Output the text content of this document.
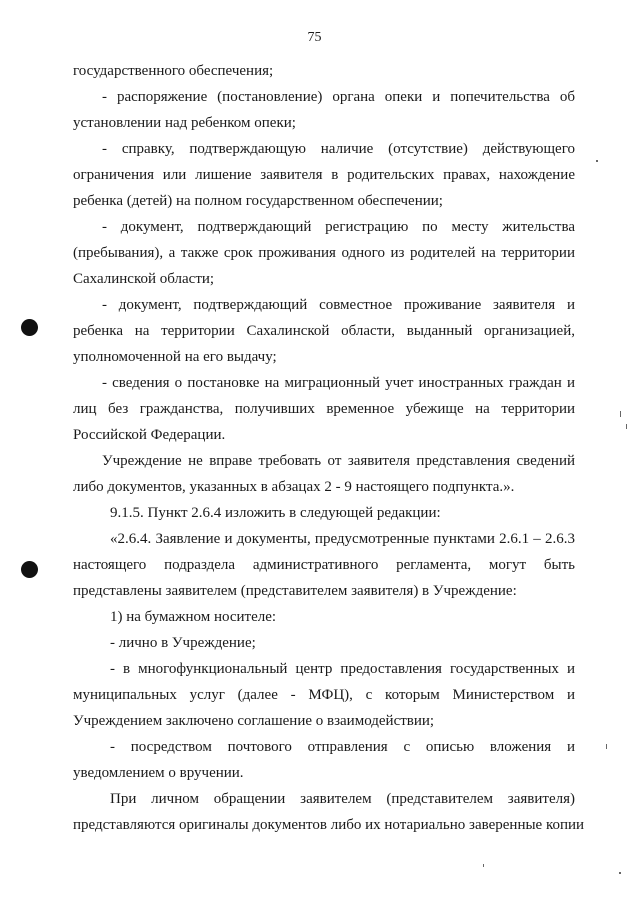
75
государственного обеспечения;
- распоряжение (постановление) органа опеки и попечительства об
установлении над ребенком опеки;
- справку, подтверждающую наличие (отсутствие) действующего
ограничения или лишение заявителя в родительских правах, нахождение
ребенка (детей) на полном государственном обеспечении;
- документ, подтверждающий регистрацию по месту жительства
(пребывания), а также срок проживания одного из родителей на территории
Сахалинской области;
- документ, подтверждающий совместное проживание заявителя и
ребенка на территории Сахалинской области, выданный организацией,
уполномоченной на его выдачу;
- сведения о постановке на миграционный учет иностранных граждан и
лиц без гражданства, получивших временное убежище на территории
Российской Федерации.
Учреждение не вправе требовать от заявителя представления сведений
либо документов, указанных в абзацах 2 - 9 настоящего подпункта.».
9.1.5. Пункт 2.6.4 изложить в следующей редакции:
«2.6.4. Заявление и документы, предусмотренные пунктами 2.6.1 – 2.6.3
настоящего подраздела административного регламента, могут быть
представлены заявителем (представителем заявителя) в Учреждение:
1) на бумажном носителе:
- лично в Учреждение;
- в многофункциональный центр предоставления государственных и
муниципальных услуг (далее - МФЦ), с которым Министерством и
Учреждением заключено соглашение о взаимодействии;
- посредством почтового отправления с описью вложения и
уведомлением о вручении.
При личном обращении заявителем (представителем заявителя)
представляются оригиналы документов либо их нотариально заверенные копии
